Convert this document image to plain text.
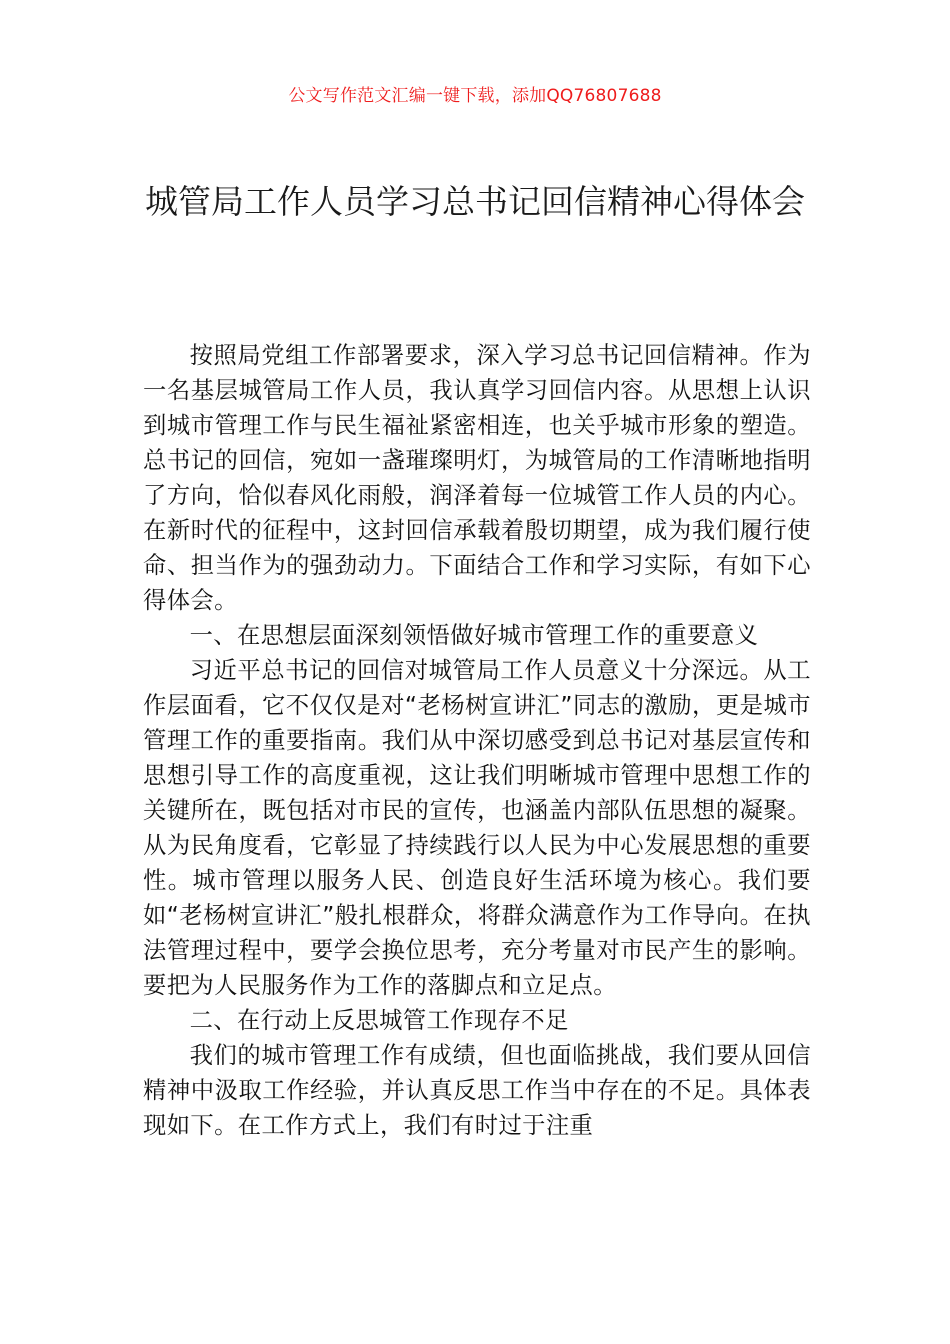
公文写作范文汇编一键下载，添加QQ76807688
城管局工作人员学习总书记回信精神心得体会

按照局党组工作部署要求，深入学习总书记回信精神。作为一名基层城管局工作人员，我认真学习回信内容。从思想上认识到城市管理工作与民生福祉紧密相连，也关乎城市形象的塑造。总书记的回信，宛如一盏璀璨明灯，为城管局的工作清晰地指明了方向，恰似春风化雨般，润泽着每一位城管工作人员的内心。在新时代的征程中，这封回信承载着殷切期望，成为我们履行使命、担当作为的强劲动力。下面结合工作和学习实际，有如下心得体会。

一、在思想层面深刻领悟做好城市管理工作的重要意义

习近平总书记的回信对城管局工作人员意义十分深远。从工作层面看，它不仅仅是对“老杨树宣讲汇”同志的激励，更是城市管理工作的重要指南。我们从中深切感受到总书记对基层宣传和思想引导工作的高度重视，这让我们明晰城市管理中思想工作的关键所在，既包括对市民的宣传，也涵盖内部队伍思想的凝聚。从为民角度看，它彰显了持续践行以人民为中心发展思想的重要性。城市管理以服务人民、创造良好生活环境为核心。我们要如“老杨树宣讲汇”般扎根群众，将群众满意作为工作导向。在执法管理过程中，要学会换位思考，充分考量对市民产生的影响。要把为人民服务作为工作的落脚点和立足点。

二、在行动上反思城管工作现存不足

我们的城市管理工作有成绩，但也面临挑战，我们要从回信精神中汲取工作经验，并认真反思工作当中存在的不足。具体表现如下。在工作方式上，我们有时过于注重
